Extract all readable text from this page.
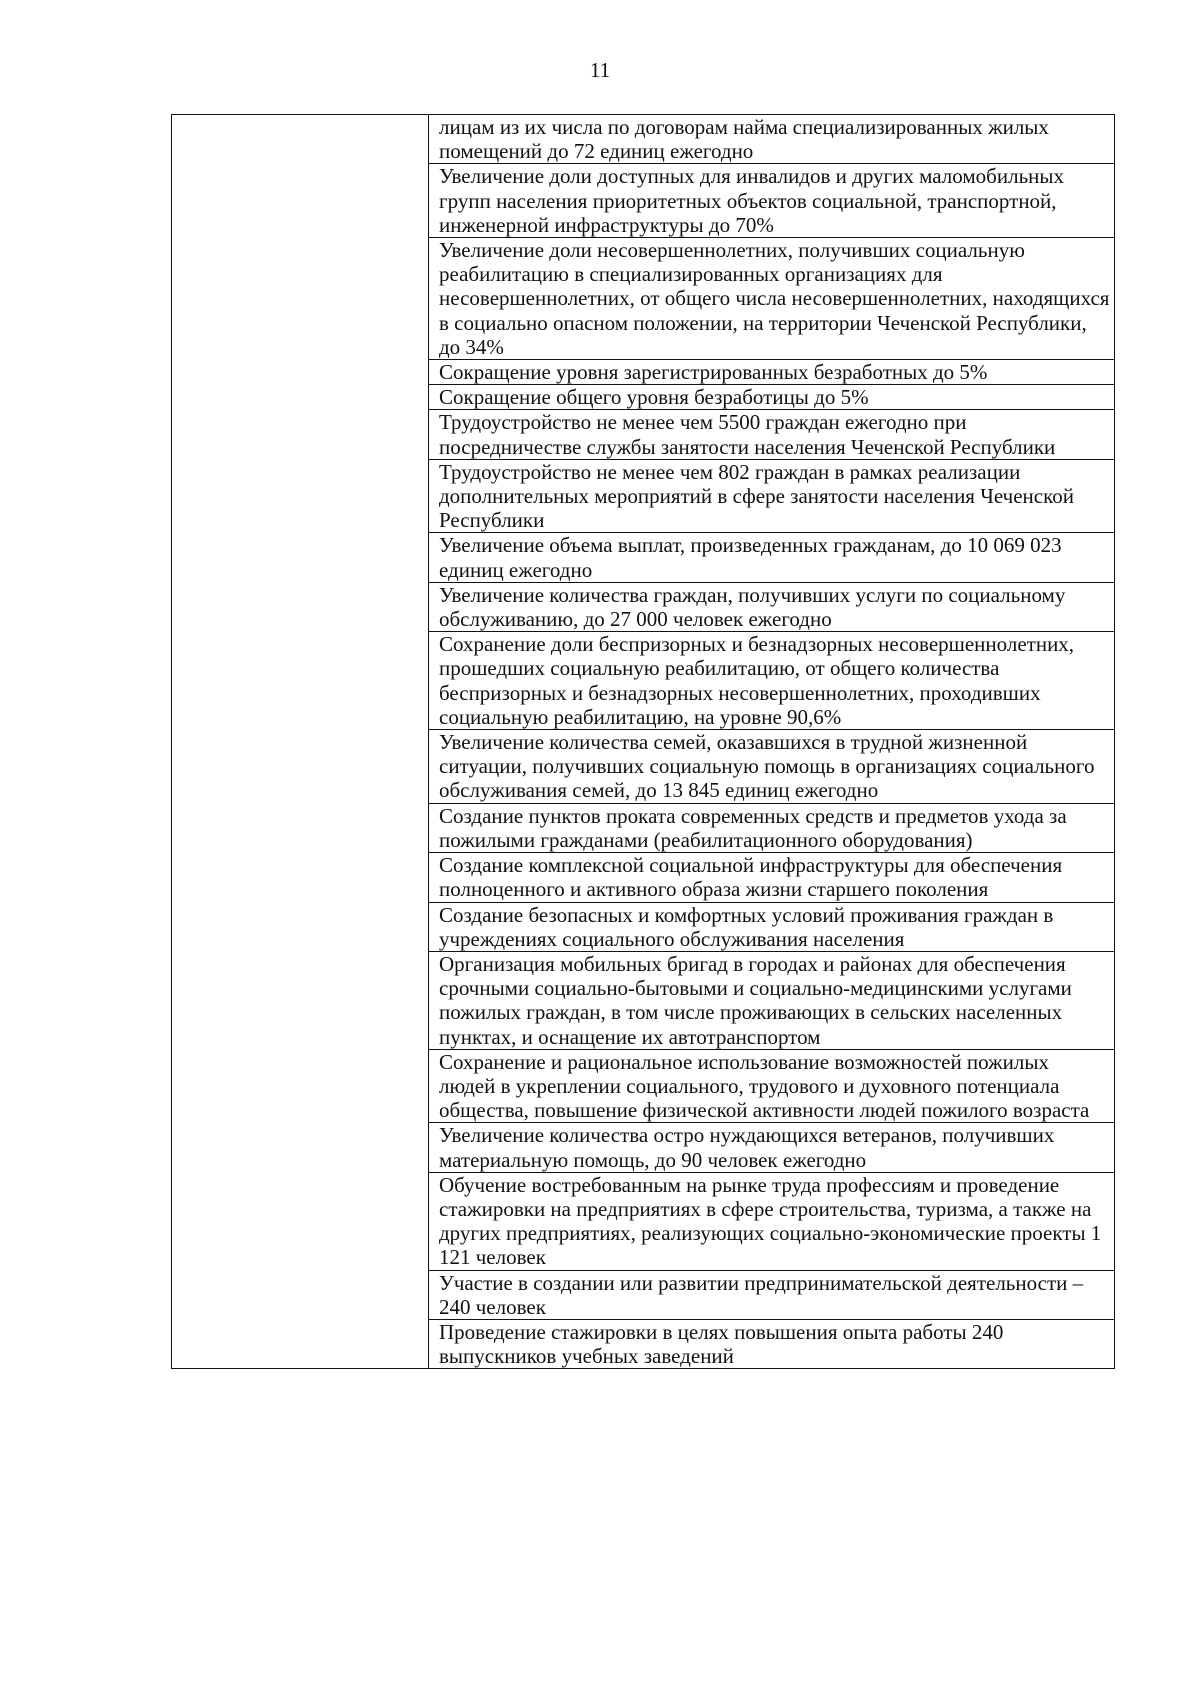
11

лицам из их числа по договорам найма специализированных жилых помещений до 72 единиц ежегодно

Увеличение доли доступных для инвалидов и других маломобильных групп населения приоритетных объектов социальной, транспортной, инженерной инфраструктуры до 70%

Увеличение доли несовершеннолетних, получивших социальную реабилитацию в специализированных организациях для несовершеннолетних, от общего числа несовершеннолетних, находящихся в социально опасном положении, на территории Чеченской Республики, до 34%

Сокращение уровня зарегистрированных безработных до 5%

Сокращение общего уровня безработицы до 5%

Трудоустройство не менее чем 5500 граждан ежегодно при посредничестве службы занятости населения Чеченской Республики

Трудоустройство не менее чем 802 граждан в рамках реализации дополнительных мероприятий в сфере занятости населения Чеченской Республики

Увеличение объема выплат, произведенных гражданам, до 10 069 023 единиц ежегодно

Увеличение количества граждан, получивших услуги по социальному обслуживанию, до 27 000 человек ежегодно

Сохранение доли беспризорных и безнадзорных несовершеннолетних, прошедших социальную реабилитацию, от общего количества беспризорных и безнадзорных несовершеннолетних, проходивших социальную реабилитацию, на уровне 90,6%

Увеличение количества семей, оказавшихся в трудной жизненной ситуации, получивших социальную помощь в организациях социального обслуживания семей, до 13 845 единиц ежегодно

Создание пунктов проката современных средств и предметов ухода за пожилыми гражданами (реабилитационного оборудования)

Создание комплексной социальной инфраструктуры для обеспечения полноценного и активного образа жизни старшего поколения

Создание безопасных и комфортных условий проживания граждан в учреждениях социального обслуживания населения

Организация мобильных бригад в городах и районах для обеспечения срочными социально-бытовыми и социально-медицинскими услугами пожилых граждан, в том числе проживающих в сельских населенных пунктах, и оснащение их автотранспортом

Сохранение и рациональное использование возможностей пожилых людей в укреплении социального, трудового и духовного потенциала общества, повышение физической активности людей пожилого возраста

Увеличение количества остро нуждающихся ветеранов, получивших материальную помощь, до 90 человек ежегодно

Обучение востребованным на рынке труда профессиям и проведение стажировки на предприятиях в сфере строительства, туризма, а также на других предприятиях, реализующих социально-экономические проекты 1 121 человек

Участие в создании или развитии предпринимательской деятельности – 240 человек

Проведение стажировки в целях повышения опыта работы 240 выпускников учебных заведений
